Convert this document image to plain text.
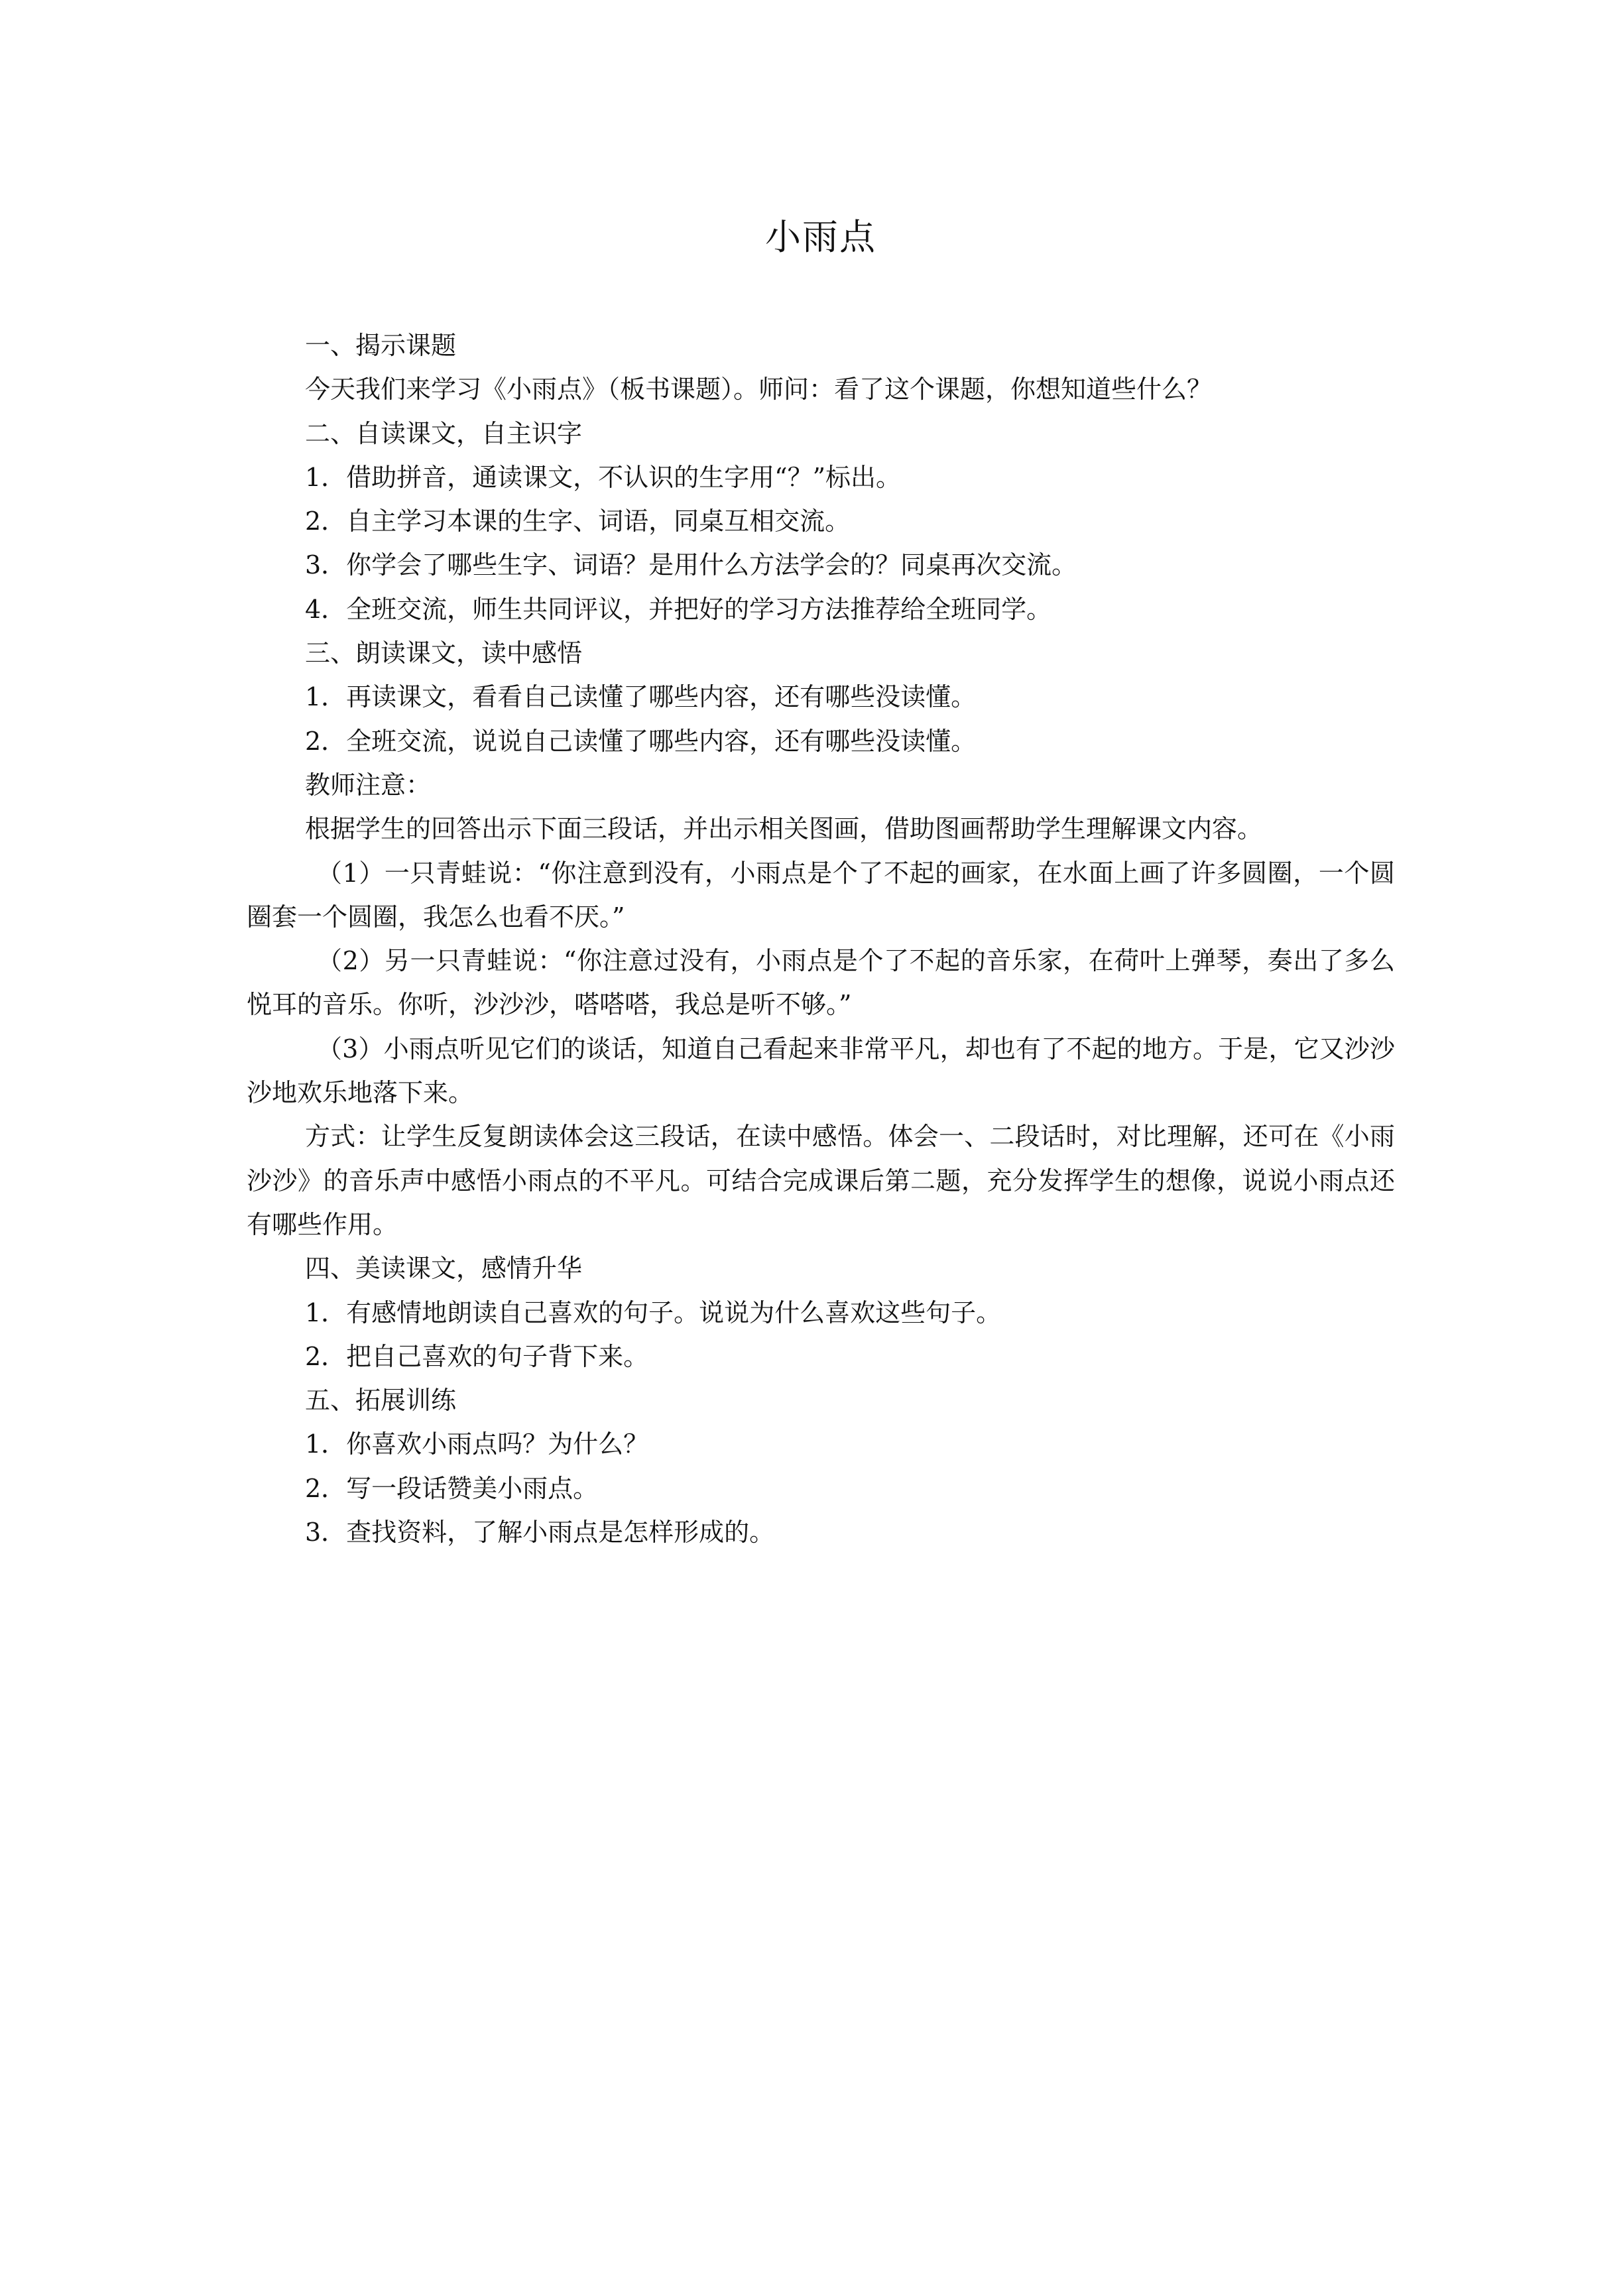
小雨点

一、揭示课题

今天我们来学习《小雨点》（板书课题）。师问：看了这个课题，你想知道些什么？

二、自读课文，自主识字

1．借助拼音，通读课文，不认识的生字用“？”标出。

2．自主学习本课的生字、词语，同桌互相交流。

3．你学会了哪些生字、词语？是用什么方法学会的？同桌再次交流。

4．全班交流，师生共同评议，并把好的学习方法推荐给全班同学。

三、朗读课文，读中感悟

1．再读课文，看看自己读懂了哪些内容，还有哪些没读懂。

2．全班交流，说说自己读懂了哪些内容，还有哪些没读懂。

教师注意：

根据学生的回答出示下面三段话，并出示相关图画，借助图画帮助学生理解课文内容。

（1）一只青蛙说：“你注意到没有，小雨点是个了不起的画家，在水面上画了许多圆圈，一个圆圈套一个圆圈，我怎么也看不厌。”

（2）另一只青蛙说：“你注意过没有，小雨点是个了不起的音乐家，在荷叶上弹琴，奏出了多么悦耳的音乐。你听，沙沙沙，嗒嗒嗒，我总是听不够。”

（3）小雨点听见它们的谈话，知道自己看起来非常平凡，却也有了不起的地方。于是，它又沙沙沙地欢乐地落下来。

方式：让学生反复朗读体会这三段话，在读中感悟。体会一、二段话时，对比理解，还可在《小雨沙沙》的音乐声中感悟小雨点的不平凡。可结合完成课后第二题，充分发挥学生的想像，说说小雨点还有哪些作用。

四、美读课文，感情升华

1．有感情地朗读自己喜欢的句子。说说为什么喜欢这些句子。

2．把自己喜欢的句子背下来。

五、拓展训练

1．你喜欢小雨点吗？为什么？

2．写一段话赞美小雨点。

3．查找资料，了解小雨点是怎样形成的。
